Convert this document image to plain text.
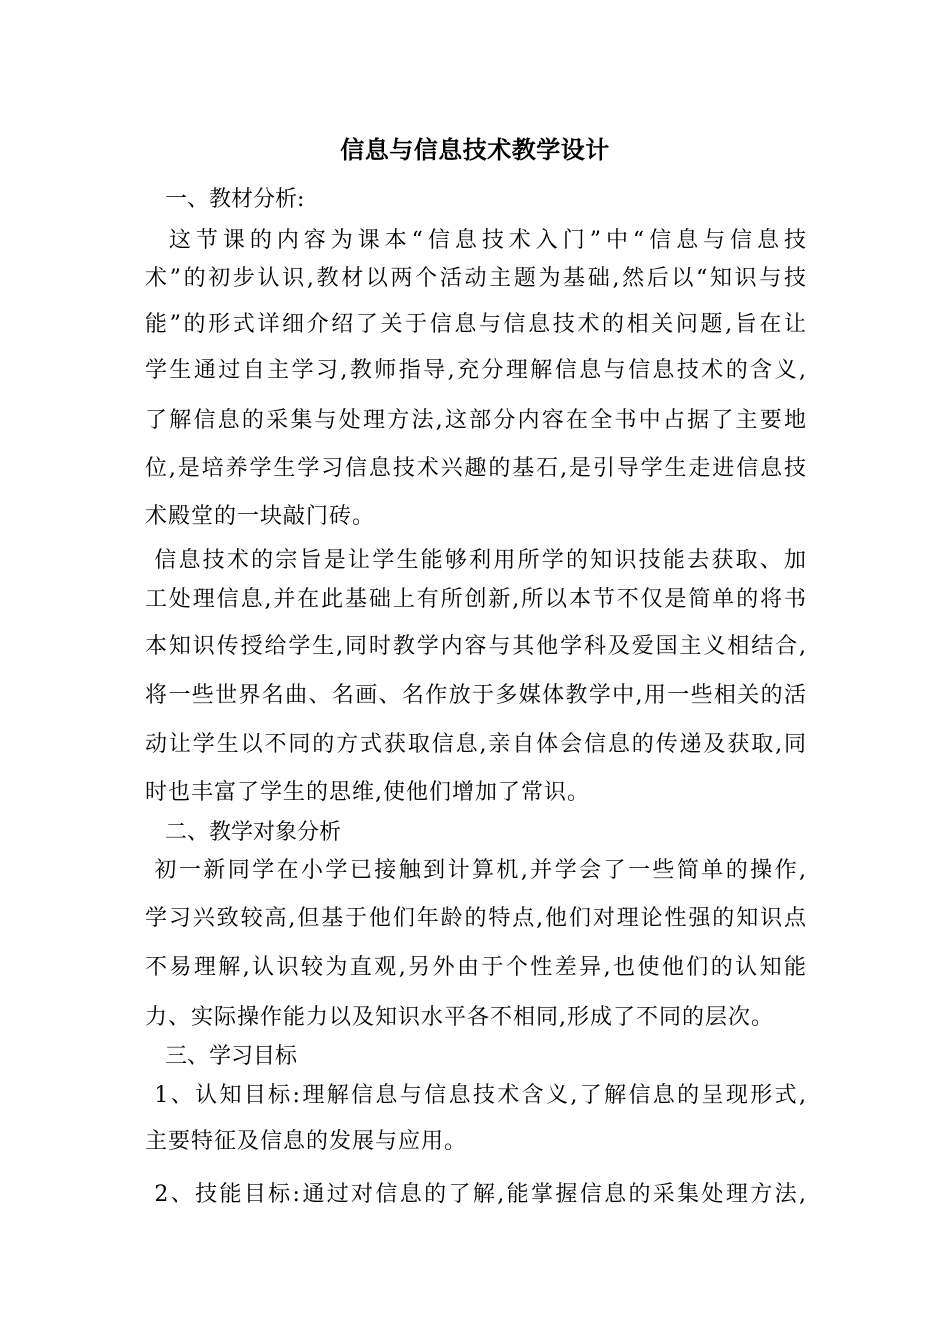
信息与信息技术教学设计
一、教材分析:
这节课的内容为课本“信息技术入门”中“信息与信息技
术”的初步认识,教材以两个活动主题为基础,然后以“知识与技
能”的形式详细介绍了关于信息与信息技术的相关问题,旨在让
学生通过自主学习,教师指导,充分理解信息与信息技术的含义,
了解信息的采集与处理方法,这部分内容在全书中占据了主要地
位,是培养学生学习信息技术兴趣的基石,是引导学生走进信息技
术殿堂的一块敲门砖。
信息技术的宗旨是让学生能够利用所学的知识技能去获取、加
工处理信息,并在此基础上有所创新,所以本节不仅是简单的将书
本知识传授给学生,同时教学内容与其他学科及爱国主义相结合,
将一些世界名曲、名画、名作放于多媒体教学中,用一些相关的活
动让学生以不同的方式获取信息,亲自体会信息的传递及获取,同
时也丰富了学生的思维,使他们增加了常识。
二、教学对象分析
初一新同学在小学已接触到计算机,并学会了一些简单的操作,
学习兴致较高,但基于他们年龄的特点,他们对理论性强的知识点
不易理解,认识较为直观,另外由于个性差异,也使他们的认知能
力、实际操作能力以及知识水平各不相同,形成了不同的层次。
三、学习目标
1、认知目标:理解信息与信息技术含义,了解信息的呈现形式,
主要特征及信息的发展与应用。
2、技能目标:通过对信息的了解,能掌握信息的采集处理方法,
